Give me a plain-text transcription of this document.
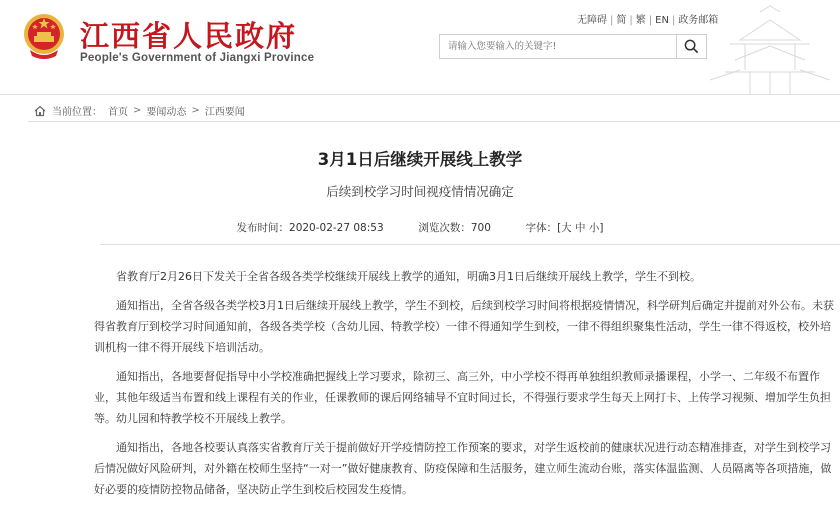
江西省人民政府
People's Government of Jiangxi Province
无障碍 | 简 | 繁 | EN | 政务邮箱
请输入您要输入的关键字!
当前位置： 首页 > 要闻动态 > 江西要闻
3月1日后继续开展线上教学
后续到校学习时间视疫情情况确定
发布时间：2020-02-27 08:53	浏览次数：700	字体：[大 中 小]

省教育厅2月26日下发关于全省各级各类学校继续开展线上教学的通知，明确3月1日后继续开展线上教学，学生不到校。

通知指出，全省各级各类学校3月1日后继续开展线上教学，学生不到校，后续到校学习时间将根据疫情情况，科学研判后确定并提前对外公布。未获得省教育厅到校学习时间通知前，各级各类学校（含幼儿园、特教学校）一律不得通知学生到校，一律不得组织聚集性活动，学生一律不得返校，校外培训机构一律不得开展线下培训活动。

通知指出，各地要督促指导中小学校准确把握线上学习要求，除初三、高三外，中小学校不得再单独组织教师录播课程，小学一、二年级不布置作业，其他年级适当布置和线上课程有关的作业，任课教师的课后网络辅导不宜时间过长，不得强行要求学生每天上网打卡、上传学习视频、增加学生负担等。幼儿园和特教学校不开展线上教学。

通知指出，各地各校要认真落实省教育厅关于提前做好开学疫情防控工作预案的要求，对学生返校前的健康状况进行动态精准排查，对学生到校学习后情况做好风险研判，对外籍在校师生坚持“一对一”做好健康教育、防疫保障和生活服务，建立师生流动台账，落实体温监测、人员隔离等各项措施，做好必要的疫情防控物品储备，坚决防止学生到校后校园发生疫情。
